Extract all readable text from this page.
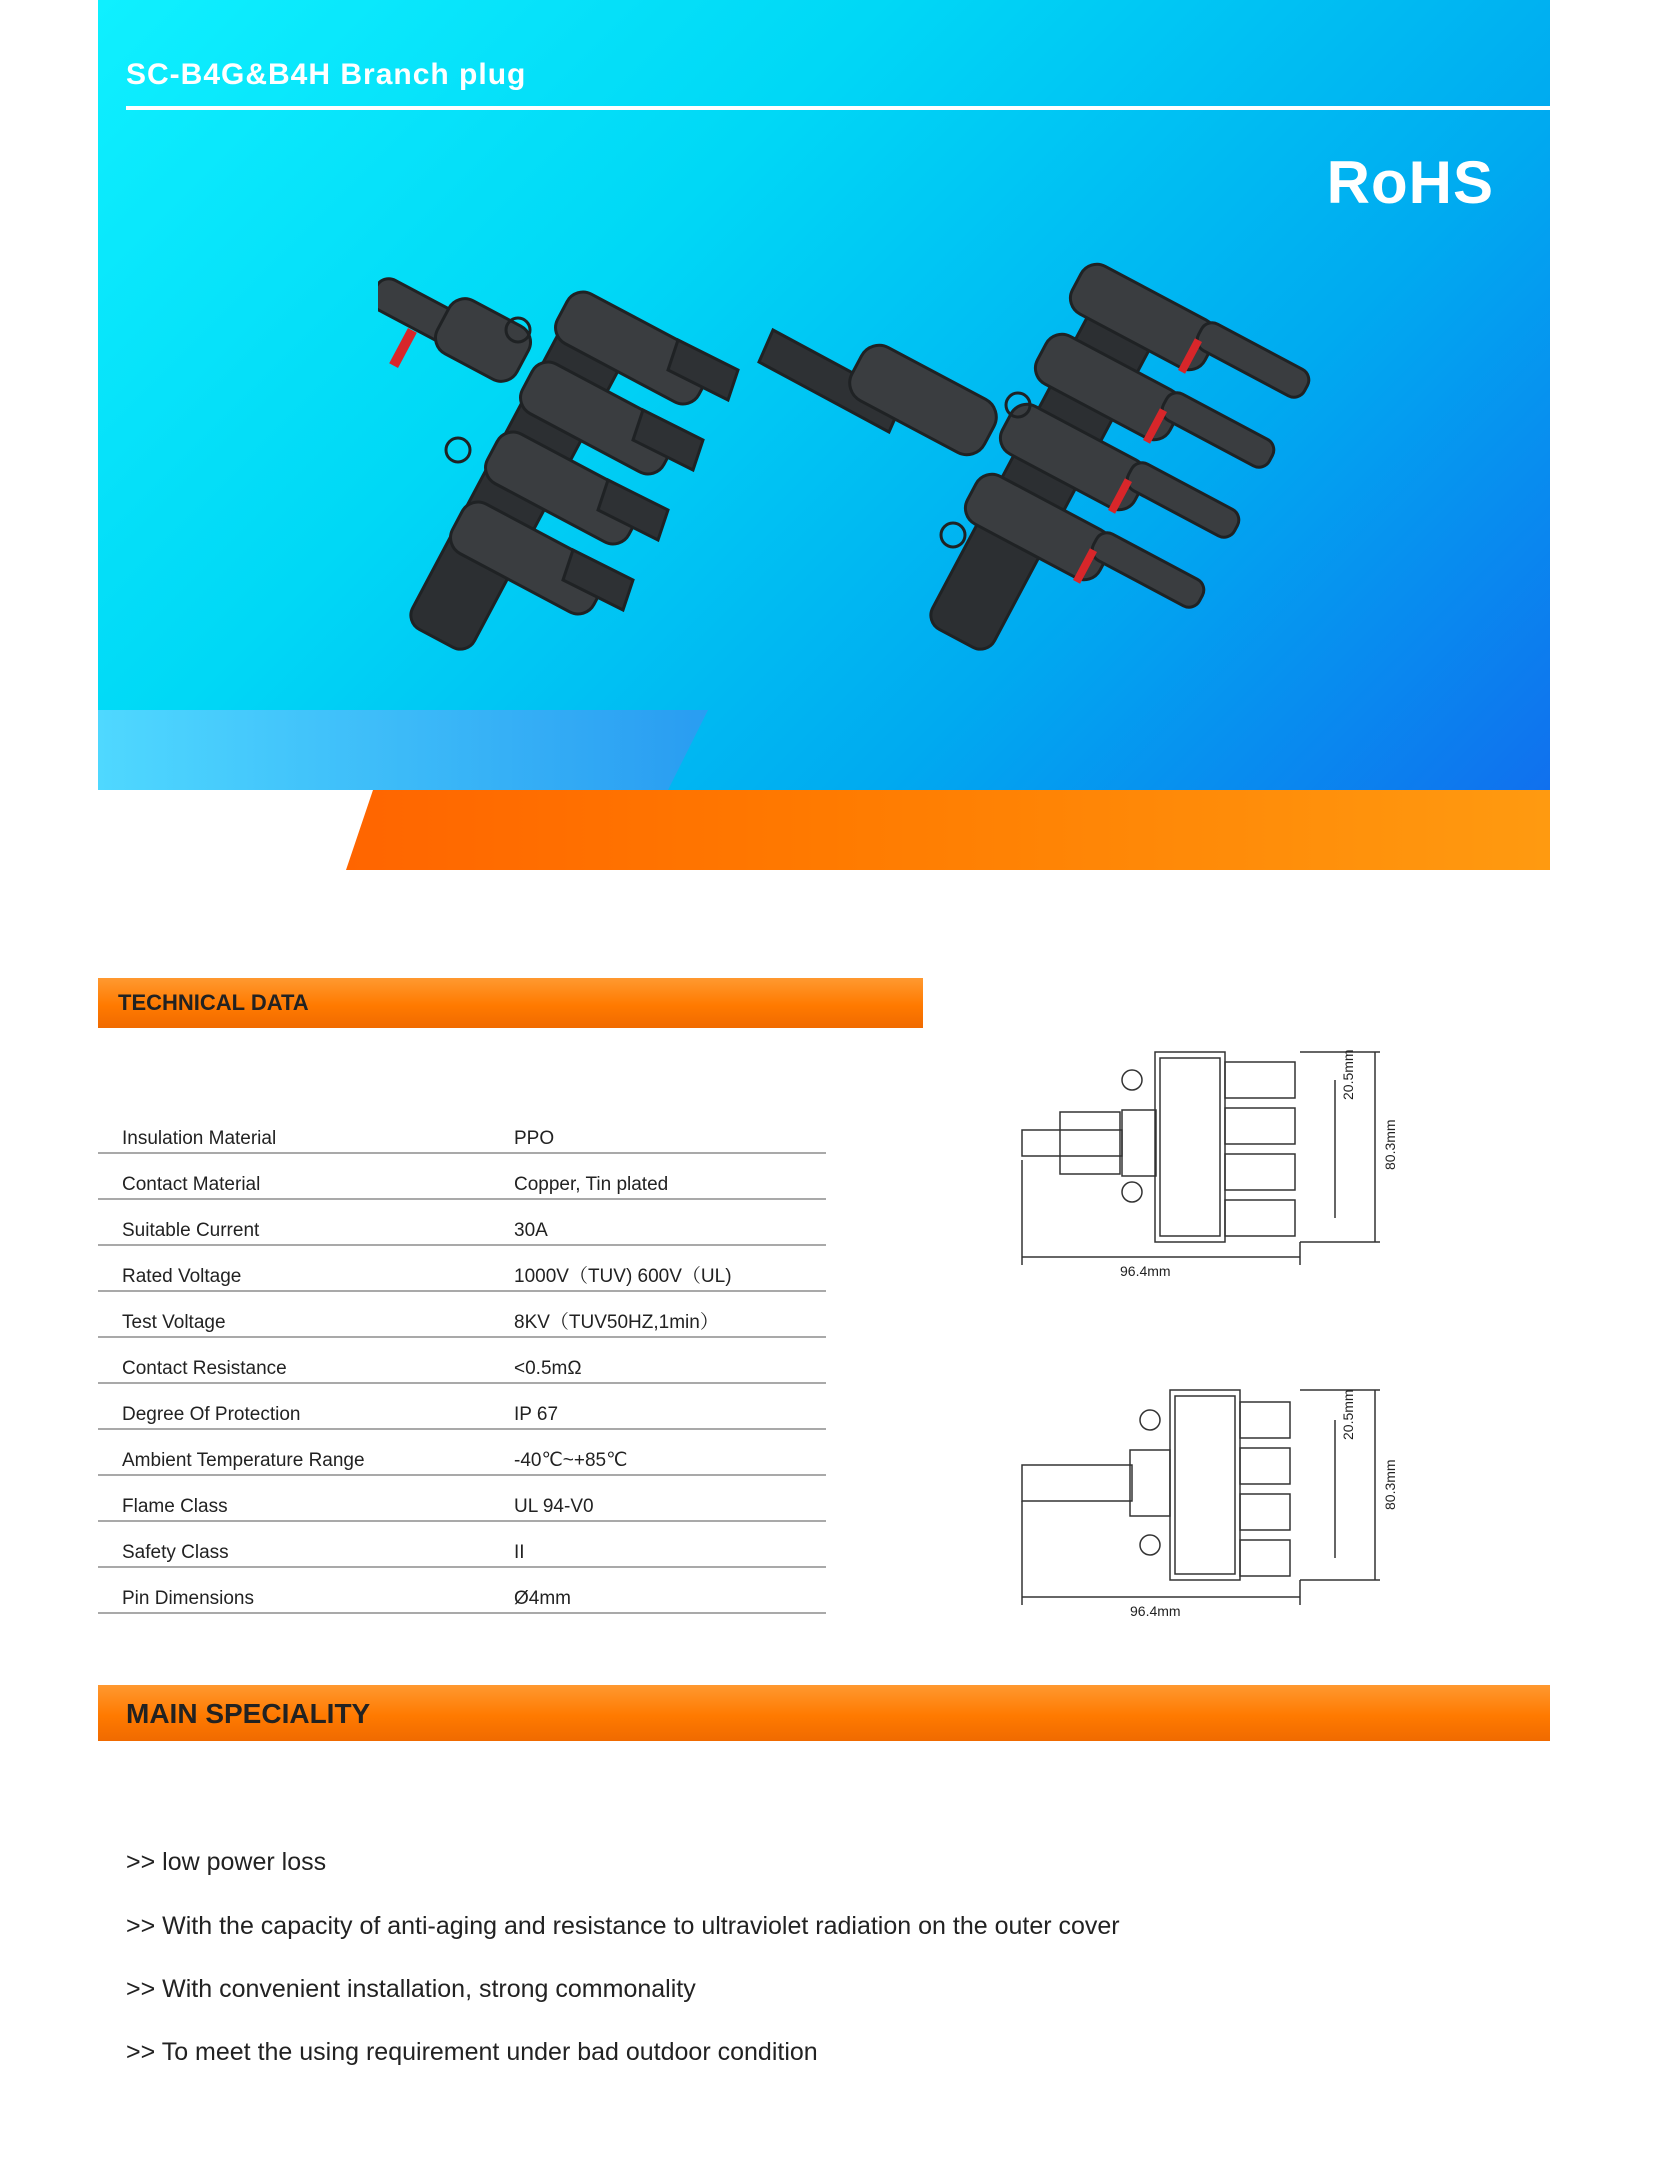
SC-B4G&B4H Branch plug
RoHS
TECHNICAL DATA
Insulation Material	PPO
Contact Material	Copper, Tin plated
Suitable Current	30A
Rated Voltage	1000V（TUV) 600V（UL)
Test Voltage	8KV（TUV50HZ,1min）
Contact Resistance	<0.5mΩ
Degree Of Protection	IP 67
Ambient Temperature Range	-40℃~+85℃
Flame Class	UL 94-V0
Safety Class	II
Pin Dimensions	Ø4mm
96.4mm
20.5mm
80.3mm
96.4mm
20.5mm
80.3mm
MAIN SPECIALITY
>> low power loss
>> With the capacity of anti-aging and resistance to ultraviolet radiation on the outer cover
>> With convenient installation, strong commonality
>> To meet the using requirement under bad outdoor condition
